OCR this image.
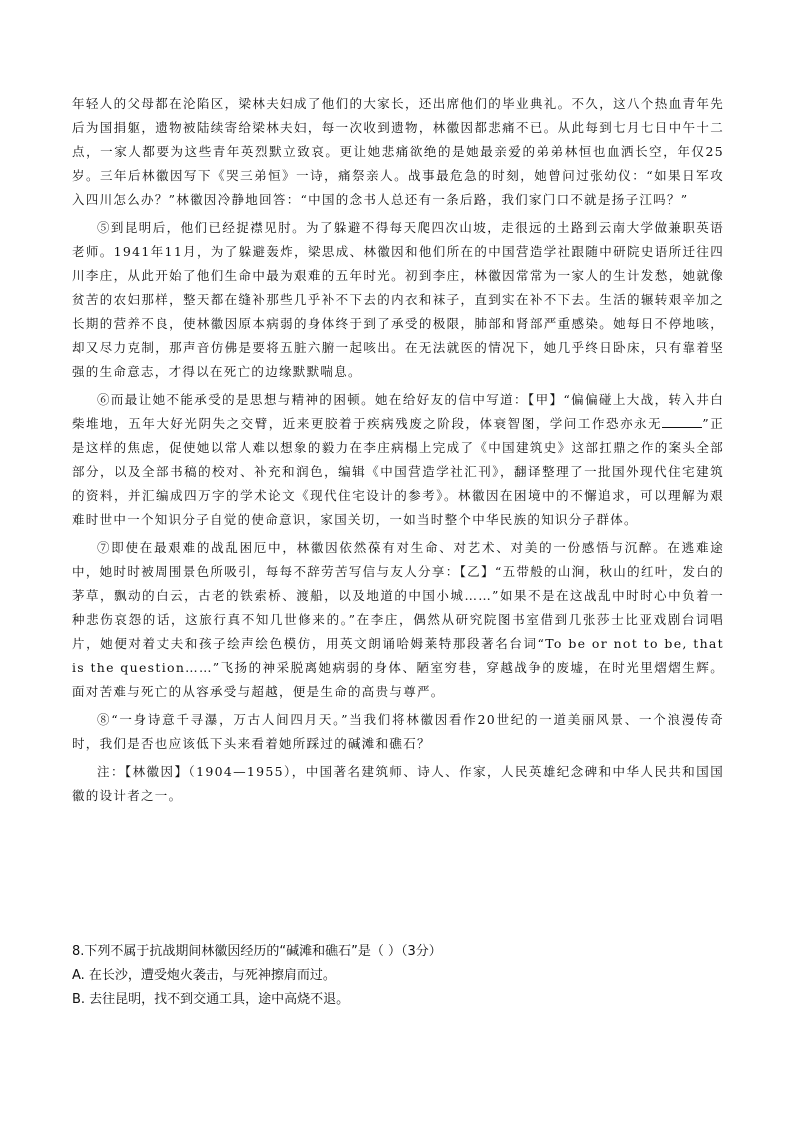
年轻人的父母都在沦陷区，梁林夫妇成了他们的大家长，还出席他们的毕业典礼。不久，这八个热血青年先后为国捐躯，遗物被陆续寄给梁林夫妇，每一次收到遗物，林徽因都悲痛不已。从此每到七月七日中午十二点，一家人都要为这些青年英烈默立致哀。更让她悲痛欲绝的是她最亲爱的弟弟林恒也血洒长空，年仅25岁。三年后林徽因写下《哭三弟恒》一诗，痛祭亲人。战事最危急的时刻，她曾问过张幼仪：“如果日军攻入四川怎么办？”林徽因冷静地回答：“中国的念书人总还有一条后路，我们家门口不就是扬子江吗？”

⑤到昆明后，他们已经捉襟见肘。为了躲避不得每天爬四次山坡，走很远的土路到云南大学做兼职英语老师。1941年11月，为了躲避轰炸，梁思成、林徽因和他们所在的中国营造学社跟随中研院史语所迁往四川李庄，从此开始了他们生命中最为艰难的五年时光。初到李庄，林徽因常常为一家人的生计发愁，她就像贫苦的农妇那样，整天都在缝补那些几乎补不下去的内衣和袜子，直到实在补不下去。生活的辗转艰辛加之长期的营养不良，使林徽因原本病弱的身体终于到了承受的极限，肺部和肾部严重感染。她每日不停地咳，却又尽力克制，那声音仿佛是要将五脏六腑一起咳出。在无法就医的情况下，她几乎终日卧床，只有靠着坚强的生命意志，才得以在死亡的边缘默默喘息。

⑥而最让她不能承受的是思想与精神的困顿。她在给好友的信中写道：【甲】“偏偏碰上大战，转入井白柴堆地，五年大好光阴失之交臂，近来更胶着于疾病残废之阶段，体衰智图，学问工作恐亦永无	”正是这样的焦虑，促使她以常人难以想象的毅力在李庄病榻上完成了《中国建筑史》这部扛鼎之作的案头全部部分，以及全部书稿的校对、补充和润色，编辑《中国营造学社汇刊》，翻译整理了一批国外现代住宅建筑的资料，并汇编成四万字的学术论文《现代住宅设计的参考》。林徽因在困境中的不懈追求，可以理解为艰难时世中一个知识分子自觉的使命意识，家国关切，一如当时整个中华民族的知识分子群体。

⑦即使在最艰难的战乱困厄中，林徽因依然葆有对生命、对艺术、对美的一份感悟与沉醉。在逃难途中，她时时被周围景色所吸引，每每不辞劳苦写信与友人分享：【乙】“五带般的山涧，秋山的红叶，发白的茅草，飘动的白云，古老的铁索桥、渡船，以及地道的中国小城……”如果不是在这战乱中时时心中负着一种悲伤哀怨的话，这旅行真不知几世修来的。”在李庄，偶然从研究院图书室借到几张莎士比亚戏剧台词唱片，她便对着丈夫和孩子绘声绘色模仿，用英文朗诵哈姆莱特那段著名台词“To be or not to be, that is the question……”飞扬的神采脱离她病弱的身体、陋室穷巷，穿越战争的废墟，在时光里熠熠生辉。面对苦难与死亡的从容承受与超越，便是生命的高贵与尊严。

⑧“一身诗意千寻瀑，万古人间四月天。”当我们将林徽因看作20世纪的一道美丽风景、一个浪漫传奇时，我们是否也应该低下头来看着她所踩过的碱滩和礁石？

注：【林徽因】（1904—1955），中国著名建筑师、诗人、作家，人民英雄纪念碑和中华人民共和国国徽的设计者之一。

8.下列不属于抗战期间林徽因经历的“碱滩和礁石”是（ ）（3分）
A. 在长沙，遭受炮火袭击，与死神擦肩而过。
B. 去往昆明，找不到交通工具，途中高烧不退。
